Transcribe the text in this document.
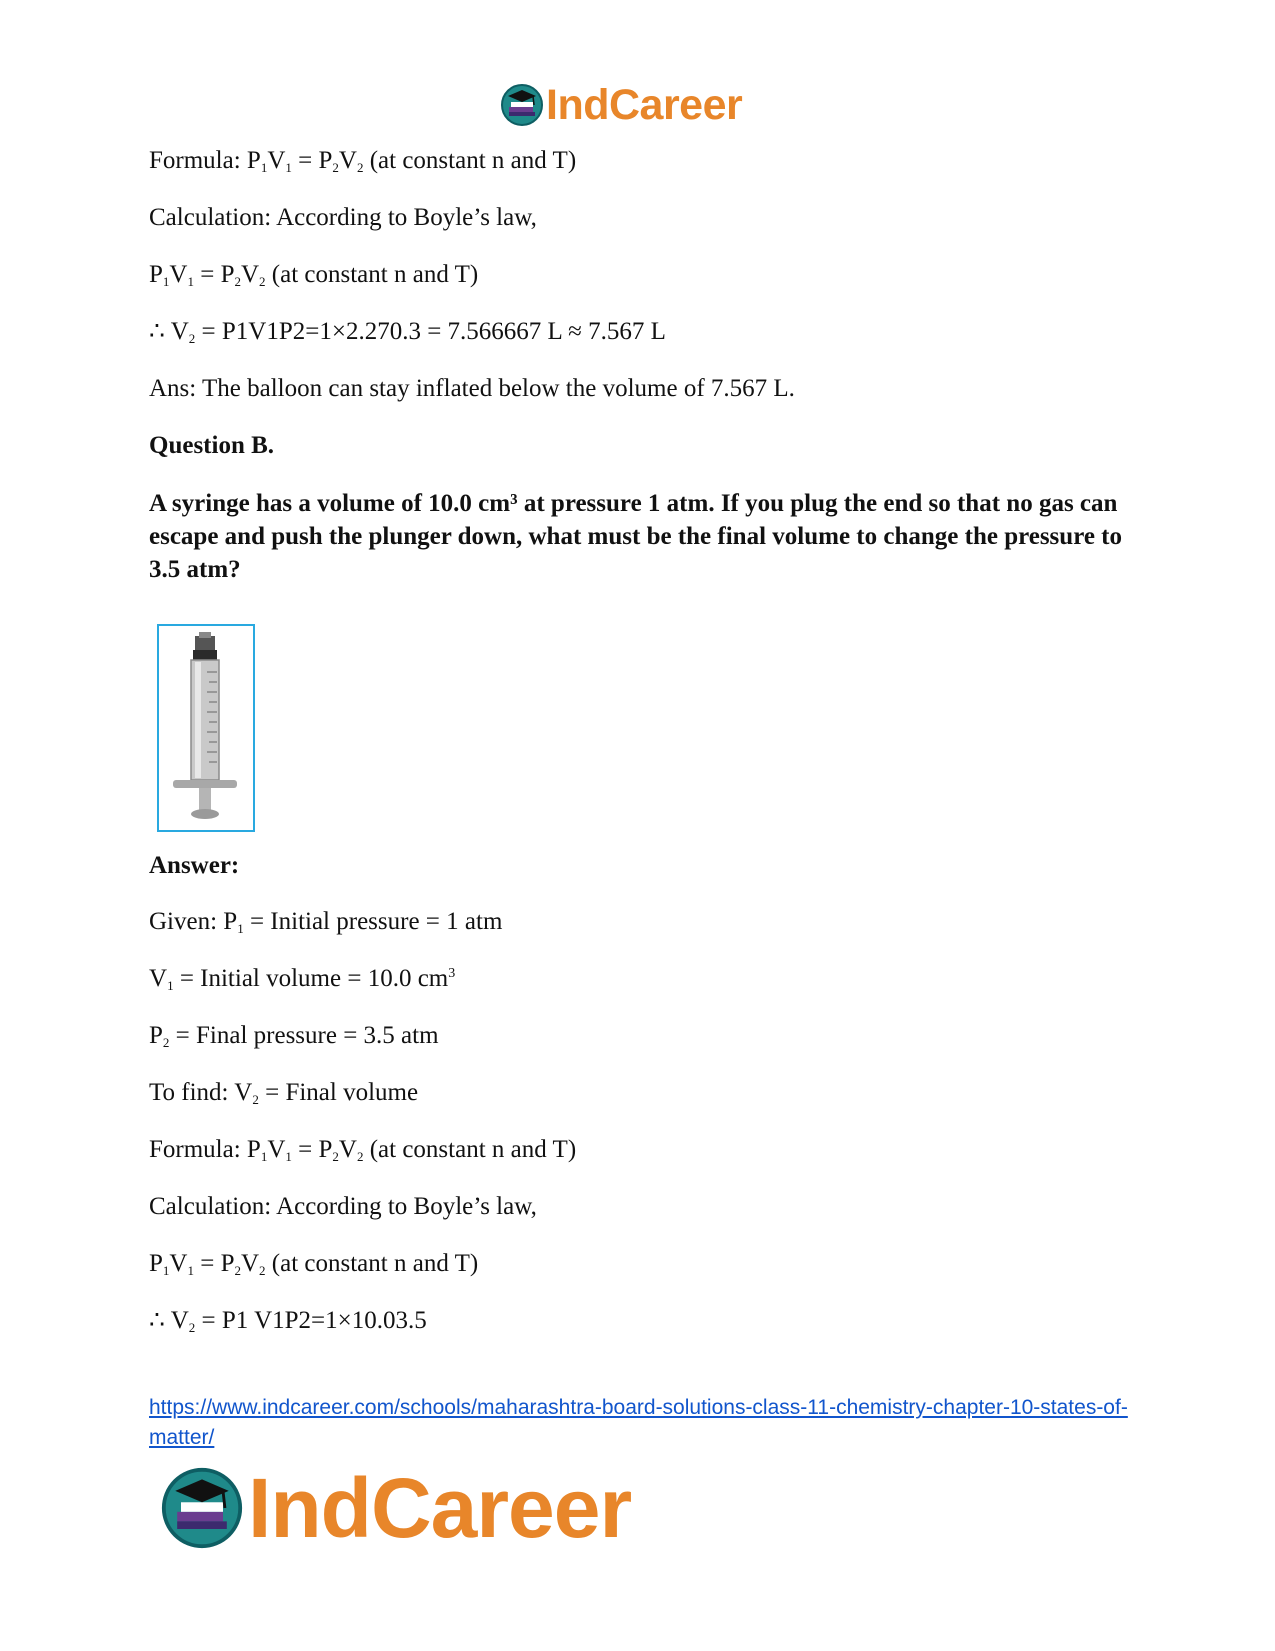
IndCareer
Formula: $P_1V_1 = P_2V_2$ (at constant n and T)
Calculation: According to Boyle’s law,
$P_1V_1 = P_2V_2$ (at constant n and T)
∴ $V_2 = P1V1P2=1\times 2.270.3 = 7.566667$ L ≈ 7.567 L
Ans: The balloon can stay inflated below the volume of 7.567 L.
Question B.
A syringe has a volume of 10.0 cm³ at pressure 1 atm. If you plug the end so that no gas can escape and push the plunger down, what must be the final volume to change the pressure to 3.5 atm?
Answer:
Given: $P_1$ = Initial pressure = 1 atm
$V_1$ = Initial volume = 10.0 $cm^3$
$P_2$ = Final pressure = 3.5 atm
To find: $V_2$ = Final volume
Formula: $P_1V_1 = P_2V_2$ (at constant n and T)
Calculation: According to Boyle’s law,
$P_1V_1 = P_2V_2$ (at constant n and T)
∴ $V_2 = P1$ V1P2=1×10.03.5
https://www.indcareer.com/schools/maharashtra-board-solutions-class-11-chemistry-chapter-10-states-of-matter/
IndCareer
